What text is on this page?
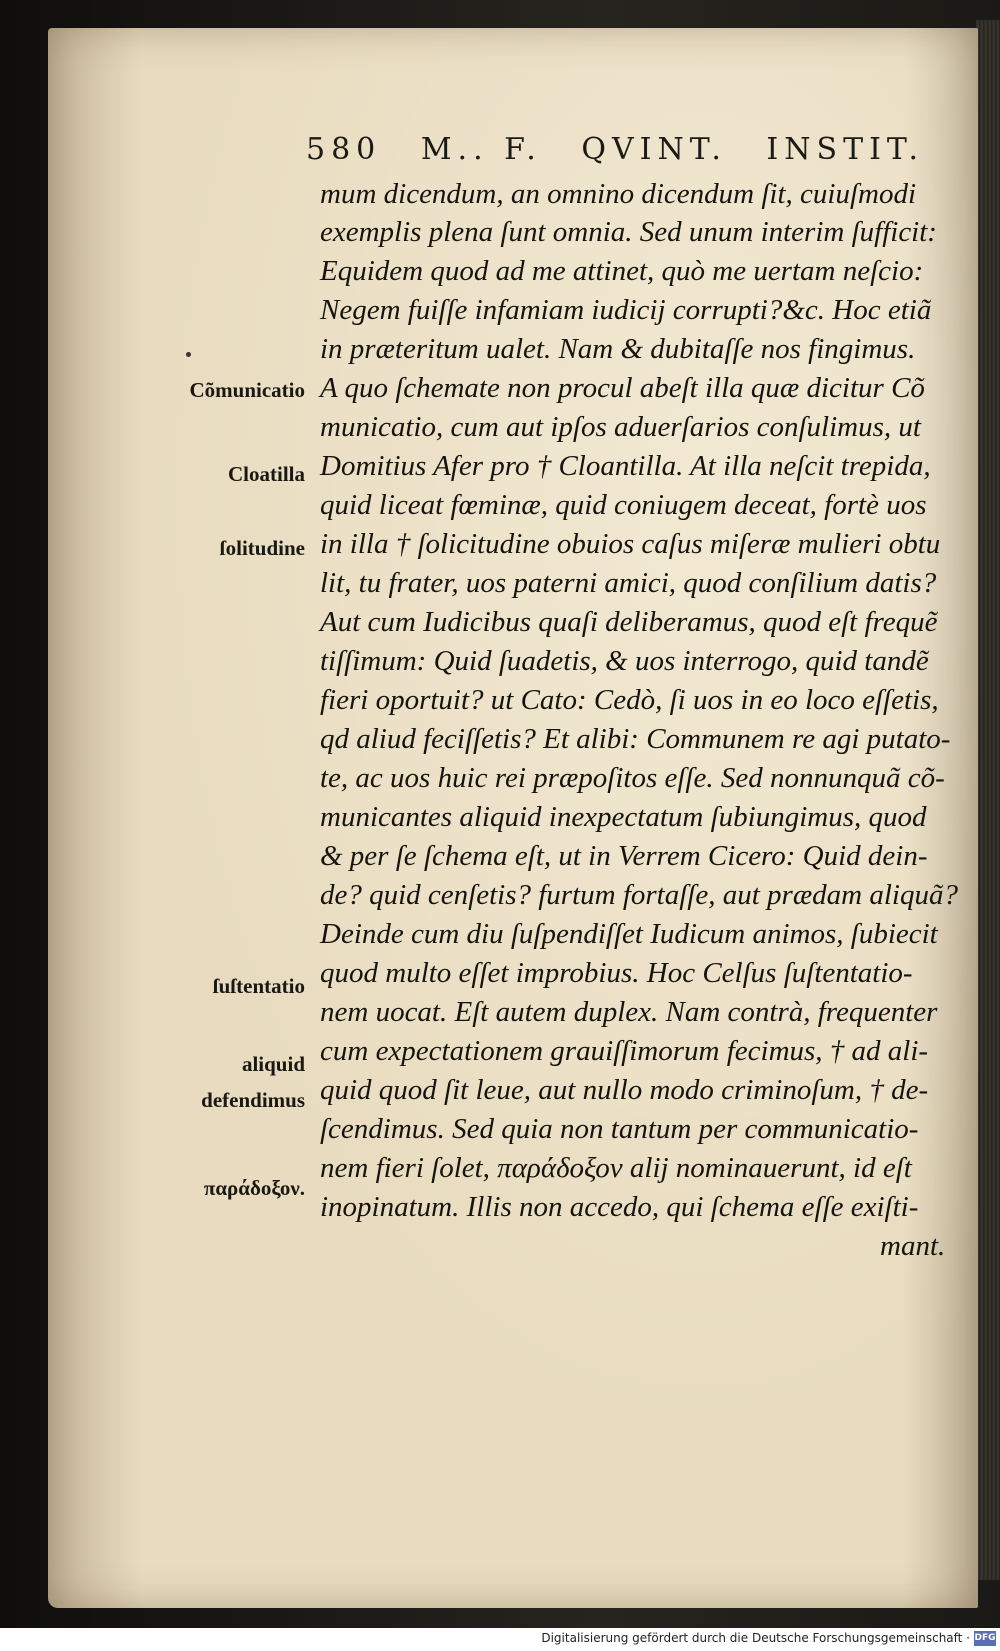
580 M.. F. QVINT. INSTIT.
mum dicendum, an omnino dicendum ſit, cuiuſmodi
exemplis plena ſunt omnia. Sed unum interim ſufficit:
Equidem quod ad me attinet, quò me uertam neſcio:
Negem fuiſſe infamiam iudicij corrupti?&c. Hoc etiã
in præteritum ualet. Nam & dubitaſſe nos fingimus.
A quo ſchemate non procul abeſt illa quæ dicitur Cõ
municatio, cum aut ipſos aduerſarios conſulimus, ut
Domitius Afer pro † Cloantilla. At illa neſcit trepida,
quid liceat fœminæ, quid coniugem deceat, fortè uos
in illa † ſolicitudine obuios caſus miſeræ mulieri obtu
lit, tu frater, uos paterni amici, quod conſilium datis?
Aut cum Iudicibus quaſi deliberamus, quod eſt frequẽ
tiſſimum: Quid ſuadetis, & uos interrogo, quid tandẽ
fieri oportuit? ut Cato: Cedò, ſi uos in eo loco eſſetis,
qd aliud feciſſetis? Et alibi: Communem re agi putato-
te, ac uos huic rei præpoſitos eſſe. Sed nonnunquã cõ-
municantes aliquid inexpectatum ſubiungimus, quod
& per ſe ſchema eſt, ut in Verrem Cicero: Quid dein-
de? quid cenſetis? furtum fortaſſe, aut prædam aliquã?
Deinde cum diu ſuſpendiſſet Iudicum animos, ſubiecit
quod multo eſſet improbius. Hoc Celſus ſuſtentatio-
nem uocat. Eſt autem duplex. Nam contrà, frequenter
cum expectationem grauiſſimorum fecimus, † ad ali-
quid quod ſit leue, aut nullo modo criminoſum, † de-
ſcendimus. Sed quia non tantum per communicatio-
nem fieri ſolet, παράδοξον alij nominauerunt, id eſt
inopinatum. Illis non accedo, qui ſchema eſſe exiſti-
mant.
Cõmunicatio
Cloatilla
ſolitudine
ſuſtentatio
aliquid
defendimus
παράδοξον.
Digitalisierung gefördert durch die Deutsche Forschungsgemeinschaft · DFG
